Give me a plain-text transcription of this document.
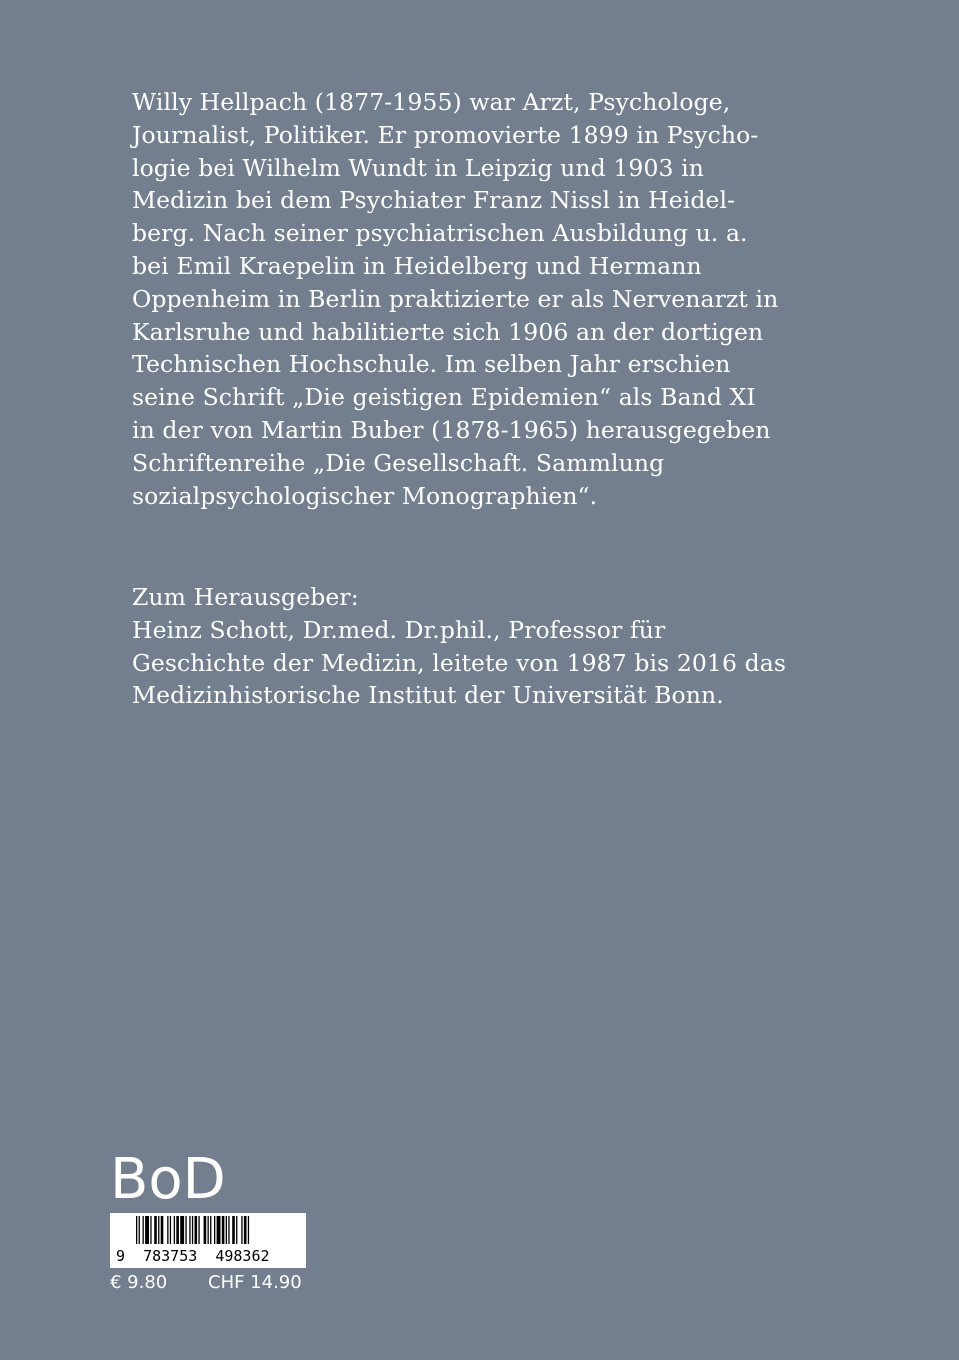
Willy Hellpach (1877-1955) war Arzt, Psychologe,
Journalist, Politiker. Er promovierte 1899 in Psycho-
logie bei Wilhelm Wundt in Leipzig und 1903 in
Medizin bei dem Psychiater Franz Nissl in Heidel-
berg. Nach seiner psychiatrischen Ausbildung u. a.
bei Emil Kraepelin in Heidelberg und Hermann
Oppenheim in Berlin praktizierte er als Nervenarzt in
Karlsruhe und habilitierte sich 1906 an der dortigen
Technischen Hochschule. Im selben Jahr erschien
seine Schrift „Die geistigen Epidemien“ als Band XI
in der von Martin Buber (1878-1965) herausgegeben
Schriftenreihe „Die Gesellschaft. Sammlung
sozialpsychologischer Monographien“.
Zum Herausgeber:
Heinz Schott, Dr.med. Dr.phil., Professor für
Geschichte der Medizin, leitete von 1987 bis 2016 das
Medizinhistorische Institut der Universität Bonn.
BoD
9  783753  498362
€ 9.80 CHF 14.90
